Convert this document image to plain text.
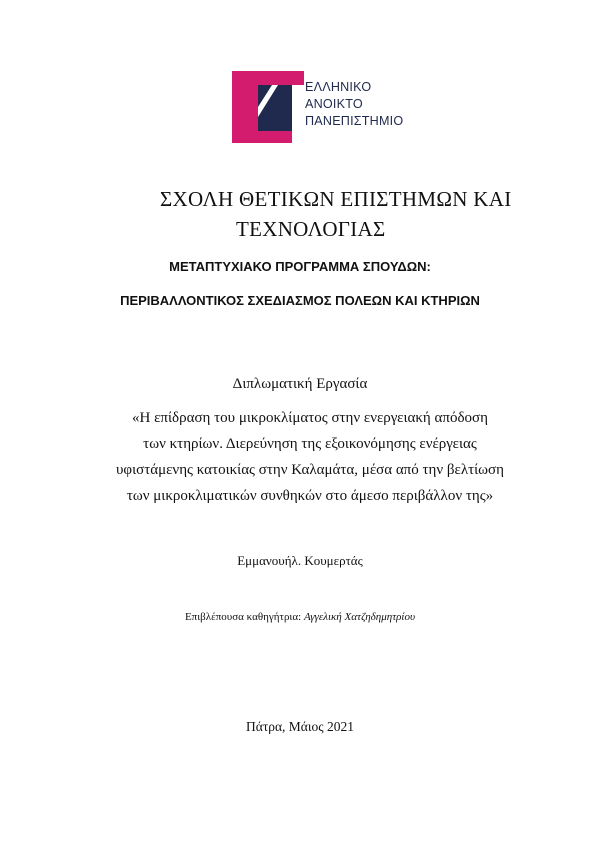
ΕΛΛΗΝΙΚΟ
ΑΝΟΙΚΤΟ
ΠΑΝΕΠΙΣΤΗΜΙΟ
ΣΧΟΛΗ ΘΕΤΙΚΩΝ ΕΠΙΣΤΗΜΩΝ ΚΑΙ
ΤΕΧΝΟΛΟΓΙΑΣ
ΜΕΤΑΠΤΥΧΙΑΚΟ ΠΡΟΓΡΑΜΜΑ ΣΠΟΥΔΩΝ:
ΠΕΡΙΒΑΛΛΟΝΤΙΚΟΣ ΣΧΕΔΙΑΣΜΟΣ ΠΟΛΕΩΝ ΚΑΙ ΚΤΗΡΙΩΝ
Διπλωματική Εργασία
«Η επίδραση του μικροκλίματος στην ενεργειακή απόδοση
των κτηρίων. Διερεύνηση της εξοικονόμησης ενέργειας
υφιστάμενης κατοικίας στην Καλαμάτα, μέσα από την βελτίωση
των μικροκλιματικών συνθηκών στο άμεσο περιβάλλον της»
Εμμανουήλ. Κουμερτάς
Επιβλέπουσα καθηγήτρια: Αγγελική Χατζηδημητρίου
Πάτρα, Μάιος 2021
